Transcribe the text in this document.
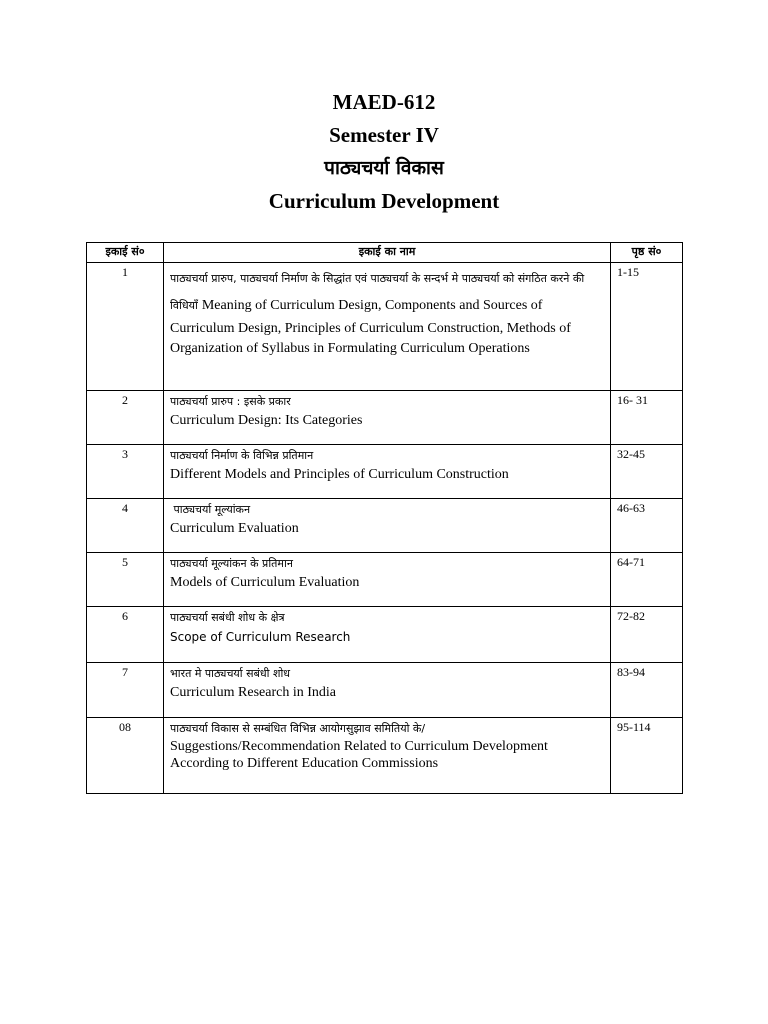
MAED-612
Semester IV
पाठ्यचर्या विकास
Curriculum Development
इकाई सं०	इकाई का नाम	पृष्ठ सं०
1	पाठ्यचर्या प्रारुप, पाठ्यचर्या निर्माण के सिद्धांत एवं पाठ्यचर्या के सन्दर्भ मे पाठ्यचर्या को संगठित करने की विधियाँ Meaning of Curriculum Design, Components and Sources of Curriculum Design, Principles of Curriculum Construction, Methods of Organization of Syllabus in Formulating Curriculum Operations	1-15
2	पाठ्यचर्या प्रारुप : इसके प्रकार
Curriculum Design: Its Categories	16- 31
3	पाठ्यचर्या निर्माण के विभिन्न प्रतिमान
Different Models and Principles of Curriculum Construction	32-45
4	पाठ्यचर्या मूल्यांकन
Curriculum Evaluation	46-63
5	पाठ्यचर्या मूल्यांकन के प्रतिमान
Models of Curriculum Evaluation	64-71
6	पाठ्यचर्या सबंधी शोध के क्षेत्र
Scope of Curriculum Research	72-82
7	भारत मे पाठ्यचर्या सबंधी शोध
Curriculum Research in India	83-94
08	पाठ्यचर्या विकास से सम्बंधित विभिन्न आयोगसुझाव समितियो के/
Suggestions/Recommendation Related to Curriculum Development According to Different Education Commissions	95-114
